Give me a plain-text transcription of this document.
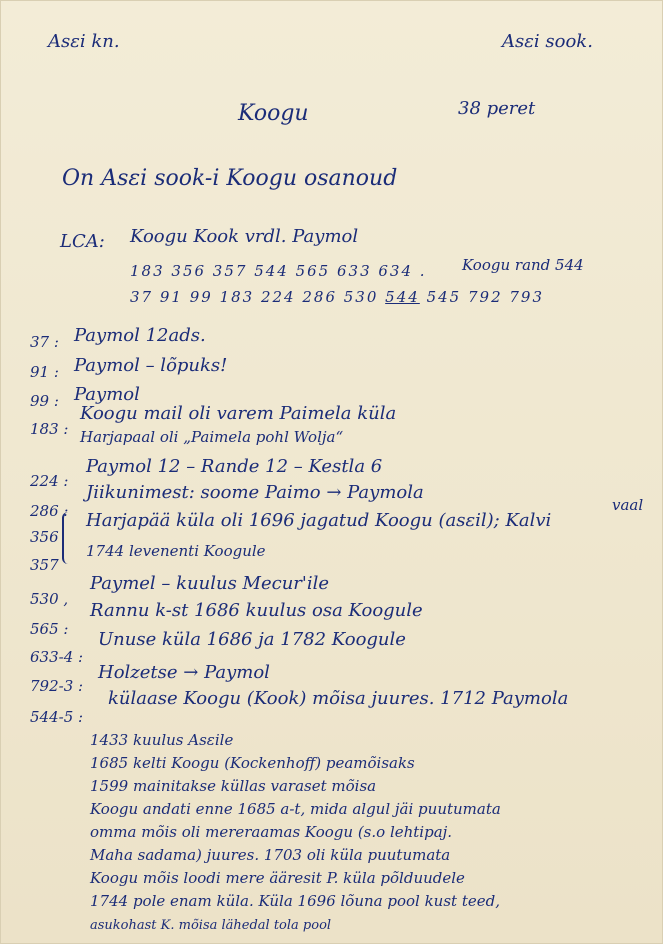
Asεi kn.	Asεi sook.
Koogu	38 peret
On Asεi sook-i Koogu osanoud
LCA: Koogu Kook vrdl. Paymol
183 356 357 544 565 633 634 . Koogu rand 544
37 91 99 183 224 286 530 544 545 792 793
37 : Paymol 12ads.
91 : Paymol – lõpuks!
99 : Paymol
183 :
Koogu mail oli varem Paimela küla
Harjapaal oli „Paimela pohl Wolja“
224 :
Paymol 12 – Rande 12 – Kestla 6
286 :
Jiikunimest: soome Paimo → Paymola
356
357
Harjapää küla oli 1696 jagatud Koogu (asεil); Kalvi
vaal
1744 levenenti Koogule
530 ,
Paymel – kuulus Mecur'ile
565 :
Rannu k-st 1686 kuulus osa Koogule
633-4 :
Unuse küla 1686 ja 1782 Koogule
792-3 :
Holzetse → Paymol
544-5 :
külaase Koogu (Kook) mõisa juures. 1712 Paymola
1433 kuulus Asεile
1685 kelti Koogu (Kockenhoff) peamõisaks
1599 mainitakse küllas varaset mõisa
Koogu andati enne 1685 a-t, mida algul jäi puutumata
omma mõis oli mereraamas Koogu (s.o lehtipaj.
Maha sadama) juures. 1703 oli küla puutumata
Koogu mõis loodi mere ääresit P. küla põlduudele
1744 pole enam küla. Küla 1696 lõuna pool kust teed,
asukohast K. mõisa lähedal tola pool
